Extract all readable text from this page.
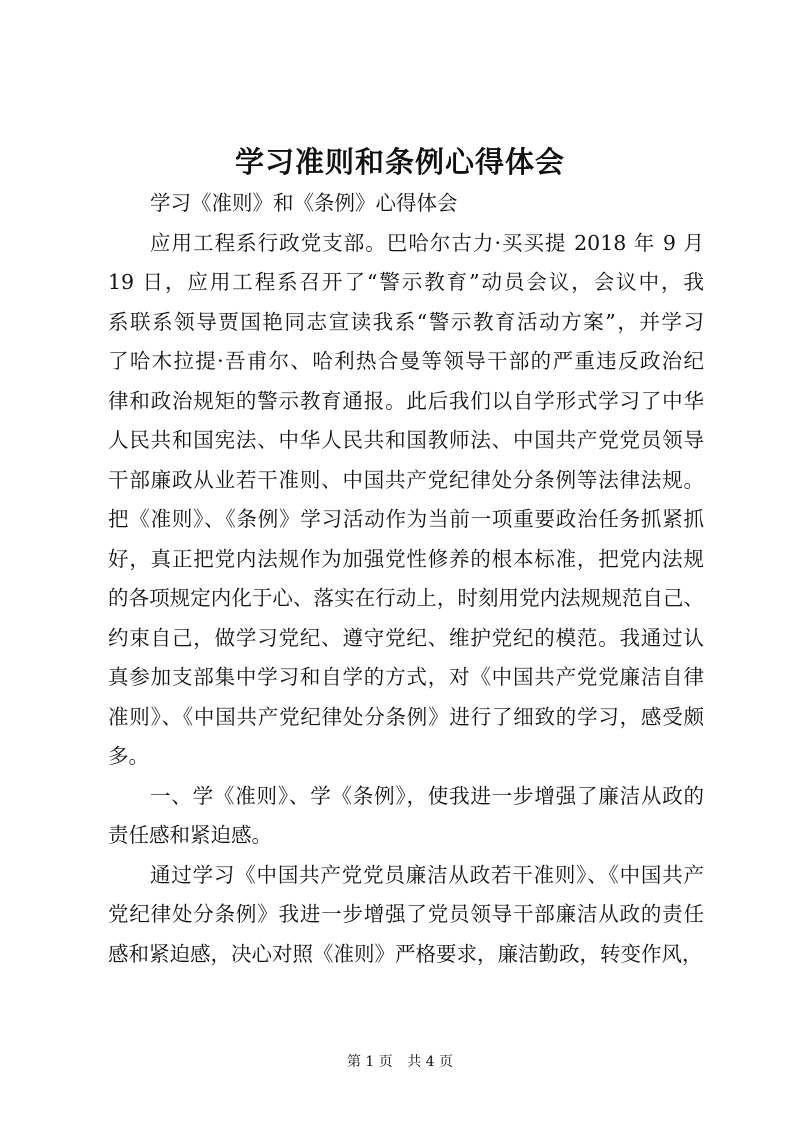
学习准则和条例心得体会
学习《准则》和《条例》心得体会
应用工程系行政党支部。巴哈尔古力·买买提 2018 年 9 月
19 日，应用工程系召开了“警示教育”动员会议，会议中，我
系联系领导贾国艳同志宣读我系“警示教育活动方案”，并学习
了哈木拉提·吾甫尔、哈利热合曼等领导干部的严重违反政治纪
律和政治规矩的警示教育通报。此后我们以自学形式学习了中华
人民共和国宪法、中华人民共和国教师法、中国共产党党员领导
干部廉政从业若干准则、中国共产党纪律处分条例等法律法规。
把《准则》、《条例》学习活动作为当前一项重要政治任务抓紧抓
好，真正把党内法规作为加强党性修养的根本标准，把党内法规
的各项规定内化于心、落实在行动上，时刻用党内法规规范自己、
约束自己，做学习党纪、遵守党纪、维护党纪的模范。我通过认
真参加支部集中学习和自学的方式，对《中国共产党党廉洁自律
准则》、《中国共产党纪律处分条例》进行了细致的学习，感受颇
多。
一、学《准则》、学《条例》，使我进一步增强了廉洁从政的
责任感和紧迫感。
通过学习《中国共产党党员廉洁从政若干准则》、《中国共产
党纪律处分条例》我进一步增强了党员领导干部廉洁从政的责任
感和紧迫感，决心对照《准则》严格要求，廉洁勤政，转变作风，
第 1 页 共 4 页
